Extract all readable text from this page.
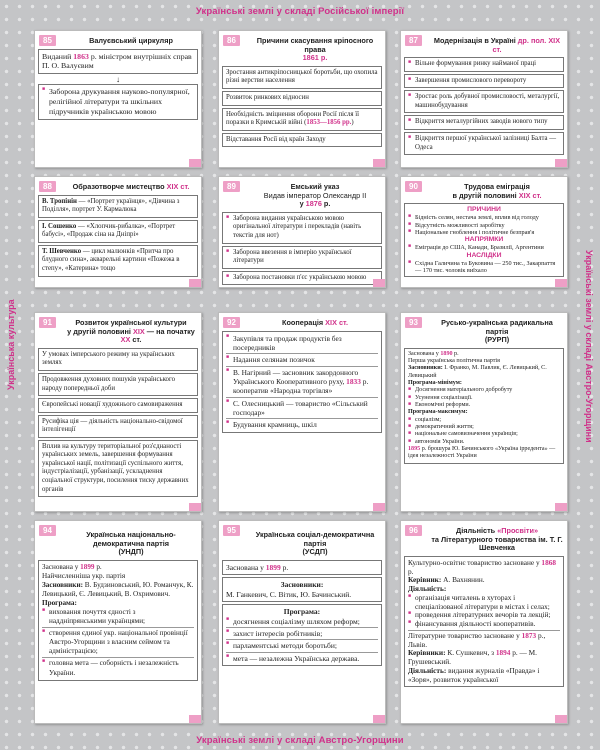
Українські землі у складі Російської імперії
Українські землі у складі Австро-Угорщини
Українська культура	Українські землі у складі Австро-Угорщини
85	Валуєвський циркуляр
Виданий 1863 р. міністром внутрішніх справ П. О. Валуєвим
↓
■ Заборона друкування науково-популярної, релігійної літератури та шкільних підручників українською мовою
86	Причини скасування кріпосного права
1861 р.
Зростання антикріпосницької боротьби, що охопила різні верстви населення
Розвиток ринкових відносин
Необхідність зміцнення оборони Росії після її поразки в Кримській війні (1853—1856 рр.)
Відставання Росії від країн Заходу
87	Модернізація в Україні др. пол. XIX ст.
■ Вільне формування ринку найманої праці
■ Завершення промислового перевороту
■ Зростає роль добувної промисловості, металургії, машинобудування
■ Відкриття металургійних заводів нового типу
■ Відкриття першої української залізниці Балта — Одеса
88	Образотворче мистецтво XIX ст.
В. Тропінін — «Портрет українця», «Дівчина з Поділля», портрет У. Кармалюка
І. Сошенко — «Хлопчик-рибалка», «Портрет бабусі», «Продаж сіна на Дніпрі»
Т. Шевченко — цикл малюнків «Притча про блудного сина», акварельні картини «Пожежа в степу», «Катерина» тощо
89	Емський указ
Видав імператор Олександр II
у 1876 р.
■ Заборона видання українською мовою оригінальної літератури і перекладів (навіть текстів для нот)
■ Заборона ввезення в імперію української літератури
■ Заборона постановки п'єс українською мовою
90	Трудова еміграція
в другій половині XIX ст.
ПРИЧИНИ
■ Бідність селян, нестача землі, вплив від голоду
■ Відсутність можливості заробітку
■ Національне гноблення і політичне безправ'я
НАПРЯМКИ
■ Еміграція до США, Канади, Бразилії, Аргентини
НАСЛІДКИ
■ Східна Галичина та Буковина — 250 тис., Закарпаття — 170 тис. чоловік виїхало
91	Розвиток української культури
у другій половині XIX — на початку XX ст.
У умовах імперського режиму на українських землях
Продовження духовних пошуків українського народу попередньої доби
Європейські новації художнього самовираження
Русифіка ція — діяльність національно-свідомої інтелігенції
Вплив на культуру територіальної роз'єднаності українських земель, завершення формування української нації, політизації суспільного життя, індустріалізації, урбанізації, ускладнення соціальної структури, посилення тиску державних органів
92	Кооперація XIX ст.
■ Закупівля та продаж продуктів без посередників
■ Надання селянам позичок
■ В. Нагірний — засновник закордонного Українського Кооперативного руху, 1833 р. кооператив «Народна торгівля»
■ С. Олесницький — товариство «Сільський господар»
■ Будування крамниць, шкіл
93	Русько-українська радикальна партія
(РУРП)
Заснована у 1890 р.
Перша українська політична партія
Засновники: І. Франко, М. Павлик, Є. Левицький, С. Левицький
Програма-мінімум:
■ Досягнення матеріального добробуту
■ Усунення соціалізації.
■ Економічні реформи.
Програма-максимум:
■ соціалізм;
■ демократичний життя;
■ національне самовизначення українців;
■ автономія України.
1895 р. брошура Ю. Бачинського «Україна ірредента» — ідея незалежності України
94	Українська національно-демократична партія
(УНДП)
Заснована у 1899 р.
Найчисленніша укр. партія
Засновники: В. Будзиновський, Ю. Романчук, К. Левицький, Є. Левицький, В. Охримович.
Програма:
■ виховання почуття єдності з наддніпрянськими українцями;
■ створення єдиної укр. національної провінції Австро-Угорщини з власним сеймом та адміністрацією;
■ головна мета — соборність і незалежність України.
95	Українська соціал-демократична партія
(УСДП)
Заснована у 1899 р.
Засновники:
М. Ганкевич, С. Вітик, Ю. Бачинський.
Програма:
■ досягнення соціалізму шляхом реформ;
■ захист інтересів робітників;
■ парламентські методи боротьби;
■ мета — незалежна Українська держава.
96	Діяльність «Просвіти»
та Літературного товариства ім. Т. Г. Шевченка
Культурно-освітнє товариство засноване у 1868 р.
Керівник: А. Вахнянин.
Діяльність:
■ організація читалень в хуторах і спеціалізованої літератури в містах і селах;
■ проведення літературних вечорів та лекцій;
■ фінансування діяльності кооперативів.
Літературне товариство засноване у 1873 р., Львів.
Керівники: К. Сушкевич, з 1894 р. — М. Грушевський.
Діяльність: видання журналів «Правда» і «Зоря», розвиток української
